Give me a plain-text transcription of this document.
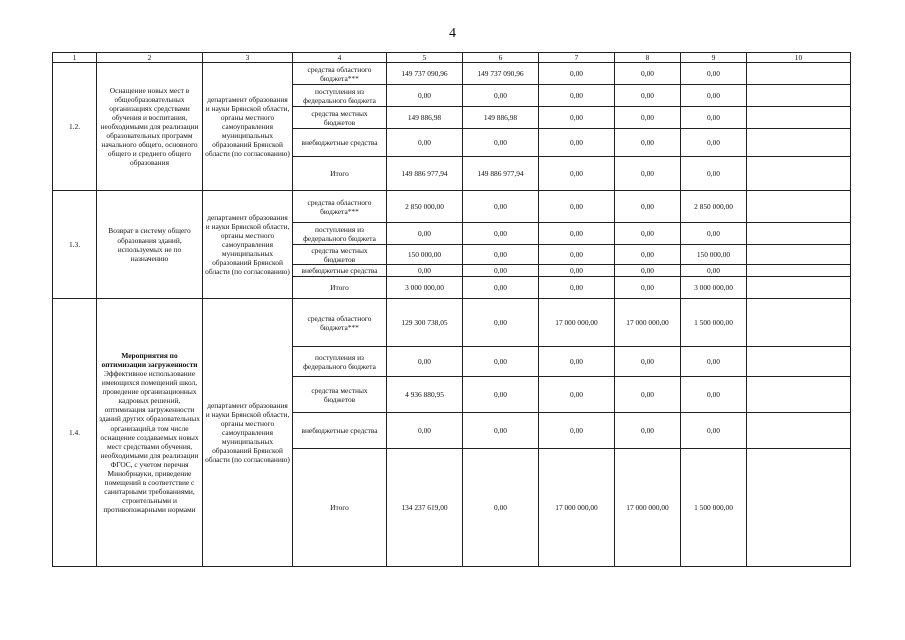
4
1	2	3	4	5	6	7	8	9	10
1.2.	Оснащение новых мест в общеобразовательных организациях средствами обучения и воспитания, необходимыми для реализации образовательных программ начального общего, основного общего и среднего общего образования	департамент образования и науки Брянской области, органы местного самоуправления муниципальных образований Брянской области (по согласованию)	средства областного бюджета***	149 737 090,96	149 737 090,96	0,00	0,00	0,00	
			поступления из федерального бюджета	0,00	0,00	0,00	0,00	0,00	
			средства местных бюджетов	149 886,98	149 886,98	0,00	0,00	0,00	
			внебюджетные средства	0,00	0,00	0,00	0,00	0,00	
			Итого	149 886 977,94	149 886 977,94	0,00	0,00	0,00	
1.3.	Возврат в систему общего образования зданий, используемых не по назначению	департамент образования и науки Брянской области, органы местного самоуправления муниципальных образований Брянской области (по согласованию)	средства областного бюджета***	2 850 000,00	0,00	0,00	0,00	2 850 000,00	
			поступления из федерального бюджета	0,00	0,00	0,00	0,00	0,00	
			средства местных бюджетов	150 000,00	0,00	0,00	0,00	150 000,00	
			внебюджетные средства	0,00	0,00	0,00	0,00	0,00	
			Итого	3 000 000,00	0,00	0,00	0,00	3 000 000,00	
1.4.	Мероприятия по оптимизации загруженности Эффективное использование имеющихся помещений школ, проведение организационных кадровых решений, оптимизация загруженности зданий других образовательных организаций,в том числе оснащение создаваемых новых мест средствами обучения, необходимыми для реализации ФГОС, с учетом перечня Минобрнауки, приведение помещений в соответствие с санитарными требованиями, строительными и противопожарными нормами	департамент образования и науки Брянской области, органы местного самоуправления муниципальных образований Брянской области (по согласованию)	средства областного бюджета***	129 300 738,05	0,00	17 000 000,00	17 000 000,00	1 500 000,00	
			поступления из федерального бюджета	0,00	0,00	0,00	0,00	0,00	
			средства местных бюджетов	4 936 880,95	0,00	0,00	0,00	0,00	
			внебюджетные средства	0,00	0,00	0,00	0,00	0,00	
			Итого	134 237 619,00	0,00	17 000 000,00	17 000 000,00	1 500 000,00	
